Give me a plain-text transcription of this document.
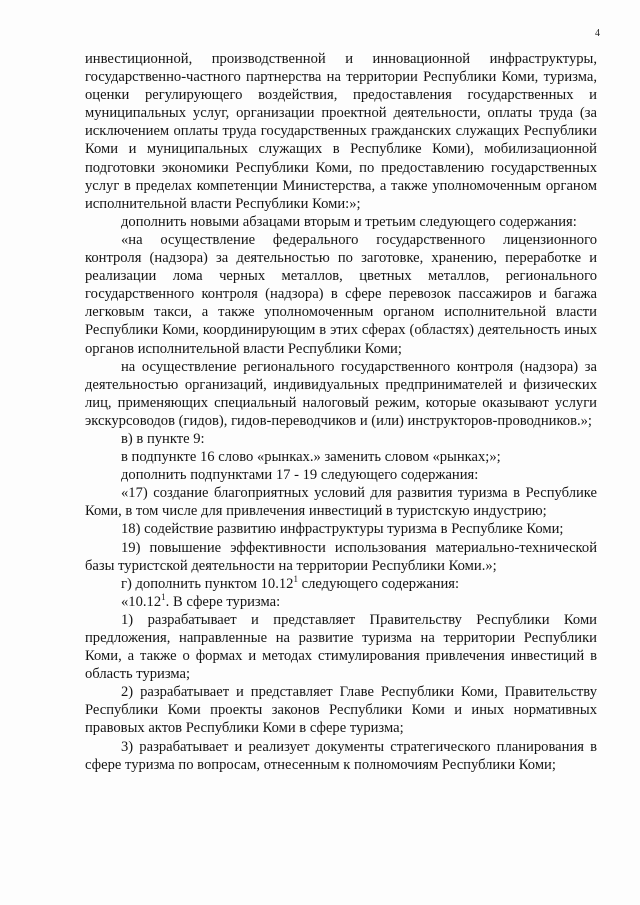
4

инвестиционной, производственной и инновационной инфраструктуры, государственно-частного партнерства на территории Республики Коми, туризма, оценки регулирующего воздействия, предоставления государственных и муниципальных услуг, организации проектной деятельности, оплаты труда (за исключением оплаты труда государственных гражданских служащих Республики Коми и муниципальных служащих в Республике Коми), мобилизационной подготовки экономики Республики Коми, по предоставлению государственных услуг в пределах компетенции Министерства, а также уполномоченным органом исполнительной власти Республики Коми:»;

дополнить новыми абзацами вторым и третьим следующего содержания:

«на осуществление федерального государственного лицензионного контроля (надзора) за деятельностью по заготовке, хранению, переработке и реализации лома черных металлов, цветных металлов, регионального государственного контроля (надзора) в сфере перевозок пассажиров и багажа легковым такси, а также уполномоченным органом исполнительной власти Республики Коми, координирующим в этих сферах (областях) деятельность иных органов исполнительной власти Республики Коми;

на осуществление регионального государственного контроля (надзора) за деятельностью организаций, индивидуальных предпринимателей и физических лиц, применяющих специальный налоговый режим, которые оказывают услуги экскурсоводов (гидов), гидов-переводчиков и (или) инструкторов-проводников.»;

в) в пункте 9:

в подпункте 16 слово «рынках.» заменить словом «рынках;»;

дополнить подпунктами 17 - 19 следующего содержания:

«17) создание благоприятных условий для развития туризма в Республике Коми, в том числе для привлечения инвестиций в туристскую индустрию;

18) содействие развитию инфраструктуры туризма в Республике Коми;

19) повышение эффективности использования материально-технической базы туристской деятельности на территории Республики Коми.»;

г) дополнить пунктом 10.12$^1$ следующего содержания:

«10.12$^1$. В сфере туризма:

1) разрабатывает и представляет Правительству Республики Коми предложения, направленные на развитие туризма на территории Республики Коми, а также о формах и методах стимулирования привлечения инвестиций в область туризма;

2) разрабатывает и представляет Главе Республики Коми, Правительству Республики Коми проекты законов Республики Коми и иных нормативных правовых актов Республики Коми в сфере туризма;

3) разрабатывает и реализует документы стратегического планирования в сфере туризма по вопросам, отнесенным к полномочиям Республики Коми;
